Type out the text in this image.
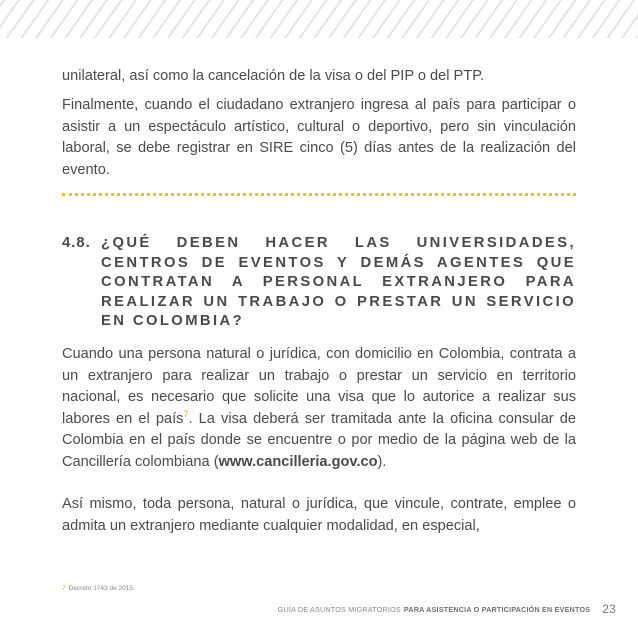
unilateral, así como la cancelación de la visa o del PIP o del PTP.

Finalmente, cuando el ciudadano extranjero ingresa al país para participar o asistir a un espectáculo artístico, cultural o deportivo, pero sin vinculación laboral, se debe registrar en SIRE cinco (5) días antes de la realización del evento.

4.8. ¿QUÉ DEBEN HACER LAS UNIVERSIDADES, CENTROS DE EVENTOS Y DEMÁS AGENTES QUE CONTRATAN A PERSONAL EXTRANJERO PARA REALIZAR UN TRABAJO O PRESTAR UN SERVICIO EN COLOMBIA?

Cuando una persona natural o jurídica, con domicilio en Colombia, contrata a un extranjero para realizar un trabajo o prestar un servicio en territorio nacional, es necesario que solicite una visa que lo autorice a realizar sus labores en el país$^7$. La visa deberá ser tramitada ante la oficina consular de Colombia en el país donde se encuentre o por medio de la página web de la Cancillería colombiana (www.cancilleria.gov.co).

Así mismo, toda persona, natural o jurídica, que vincule, contrate, emplee o admita un extranjero mediante cualquier modalidad, en especial,

7 Decreto 1743 de 2015.
GUÍA DE ASUNTOS MIGRATORIOS PARA ASISTENCIA O PARTICIPACIÓN EN EVENTOS 23
